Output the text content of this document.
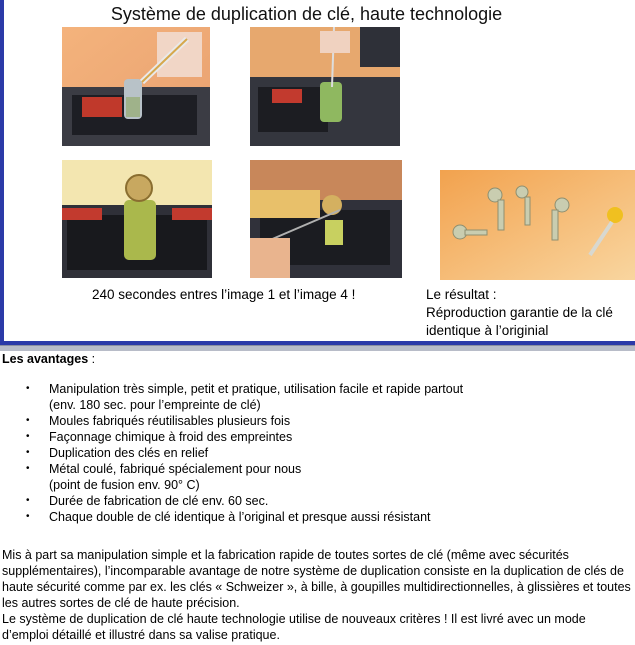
Système de duplication de clé, haute technologie
240 secondes entres l’image 1 et l’image 4 !	Le résultat :
Réproduction garantie de la clé
identique à l’originial
Les avantages :
• Manipulation très simple, petit et pratique, utilisation facile et rapide partout
(env. 180 sec. pour l’empreinte de clé)
• Moules fabriqués réutilisables plusieurs fois
• Façonnage chimique à froid des empreintes
• Duplication des clés en relief
• Métal coulé, fabriqué spécialement pour nous
(point de fusion env. 90° C)
• Durée de fabrication de clé env. 60 sec.
• Chaque double de clé identique à l’original et presque aussi résistant
Mis à part sa manipulation simple et la fabrication rapide de toutes sortes de clé (même avec sécurités supplémentaires), l’incomparable avantage de notre système de duplication consiste en la duplication de clés de haute sécurité comme par ex. les clés « Schweizer », à bille, à goupilles multidirectionnelles, à glissières et toutes les autres sortes de clé de haute précision.
Le système de duplication de clé haute technologie utilise de nouveaux critères ! Il est livré avec un mode d’emploi détaillé et illustré dans sa valise pratique.
